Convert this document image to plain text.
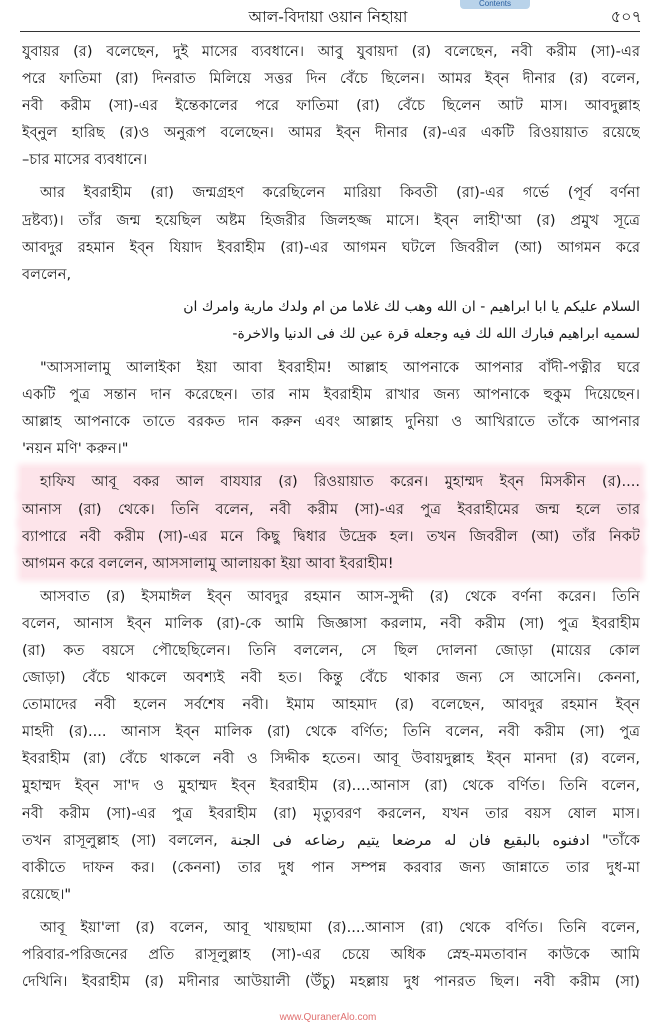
Contents
আল-বিদায়া ওয়ান নিহায়া	৫০৭
যুবায়র (র) বলেছেন, দুই মাসের ব্যবধানে। আবু যুবায়দা (র) বলেছেন, নবী করীম (সা)-এর
পরে ফাতিমা (রা) দিনরাত মিলিয়ে সত্তর দিন বেঁচে ছিলেন। আমর ইব্‌ন দীনার (র) বলেন,
নবী করীম (সা)-এর ইন্তেকালের পরে ফাতিমা (রা) বেঁচে ছিলেন আট মাস। আবদুল্লাহ
ইব্‌নুল হারিছ (র)ও অনুরূপ বলেছেন। আমর ইব্‌ন দীনার (র)-এর একটি রিওয়ায়াত রয়েছে
–চার মাসের ব্যবধানে।
আর ইবরাহীম (রা) জন্মগ্রহণ করেছিলেন মারিয়া কিবতী (রা)-এর গর্ভে (পূর্ব বর্ণনা
দ্রষ্টব্য)। তাঁর জন্ম হয়েছিল অষ্টম হিজরীর জিলহজ্জ মাসে। ইব্‌ন লাহী'আ (র) প্রমুখ সূত্রে
আবদুর রহমান ইব্‌ন যিয়াদ ইবরাহীম (রা)-এর আগমন ঘটলে জিবরীল (আ) আগমন করে
বললেন,
السلام عليكم يا ابا ابراهيم - ان الله وهب لك غلاما من ام ولدك مارية وامرك ان
لسميه ابراهيم فبارك الله لك فيه وجعله قرة عين لك فى الدنيا والاخرة-
"আসসালামু আলাইকা ইয়া আবা ইবরাহীম! আল্লাহ আপনাকে আপনার বাঁদী-পত্নীর ঘরে
একটি পুত্র সন্তান দান করেছেন। তার নাম ইবরাহীম রাখার জন্য আপনাকে হুকুম দিয়েছেন।
আল্লাহ আপনাকে তাতে বরকত দান করুন এবং আল্লাহ দুনিয়া ও আখিরাতে তাঁকে আপনার
'নয়ন মণি' করুন।"
হাফিয আবূ বকর আল বাযযার (র) রিওয়ায়াত করেন। মুহাম্মদ ইব্‌ন মিসকীন (র)....
আনাস (রা) থেকে। তিনি বলেন, নবী করীম (সা)-এর পুত্র ইবরাহীমের জন্ম হলে তার
ব্যাপারে নবী করীম (সা)-এর মনে কিছু দ্বিধার উদ্রেক হল। তখন জিবরীল (আ) তাঁর নিকট
আগমন করে বললেন, আসসালামু আলায়কা ইয়া আবা ইবরাহীম!
আসবাত (র) ইসমাঈল ইব্‌ন আবদুর রহমান আস-সুদ্দী (র) থেকে বর্ণনা করেন। তিনি
বলেন, আনাস ইব্‌ন মালিক (রা)-কে আমি জিজ্ঞাসা করলাম, নবী করীম (সা) পুত্র ইবরাহীম
(রা) কত বয়সে পৌছেছিলেন। তিনি বললেন, সে ছিল দোলনা জোড়া (মায়ের কোল
জোড়া) বেঁচে থাকলে অবশ্যই নবী হত। কিন্তু বেঁচে থাকার জন্য সে আসেনি। কেননা,
তোমাদের নবী হলেন সর্বশেষ নবী। ইমাম আহমাদ (র) বলেছেন, আবদুর রহমান ইব্‌ন
মাহদী (র).... আনাস ইব্‌ন মালিক (রা) থেকে বর্ণিত; তিনি বলেন, নবী করীম (সা) পুত্র
ইবরাহীম (রা) বেঁচে থাকলে নবী ও সিদ্দীক হতেন। আবূ উবায়দুল্লাহ ইব্‌ন মানদা (র) বলেন,
মুহাম্মদ ইব্‌ন সা'দ ও মুহাম্মদ ইব্‌ন ইবরাহীম (র)....আনাস (রা) থেকে বর্ণিত। তিনি বলেন,
নবী করীম (সা)-এর পুত্র ইবরাহীম (রা) মৃত্যুবরণ করলেন, যখন তার বয়স ষোল মাস।
তখন রাসূলুল্লাহ (সা) বললেন, ادفنوه بالبقيع فان له مرضعا يتيم رضاعه فى الجنة "তাঁকে
বাকীতে দাফন কর। (কেননা) তার দুধ পান সম্পন্ন করবার জন্য জান্নাতে তার দুধ-মা
রয়েছে।"
আবূ ইয়া'লা (র) বলেন, আবূ খায়ছামা (র)....আনাস (রা) থেকে বর্ণিত। তিনি বলেন,
পরিবার-পরিজনের প্রতি রাসূলুল্লাহ (সা)-এর চেয়ে অধিক স্নেহ-মমতাবান কাউকে আমি
দেখিনি। ইবরাহীম (র) মদীনার আউয়ালী (উঁচু) মহল্লায় দুধ পানরত ছিল। নবী করীম (সা)
www.QuranerAlo.com
